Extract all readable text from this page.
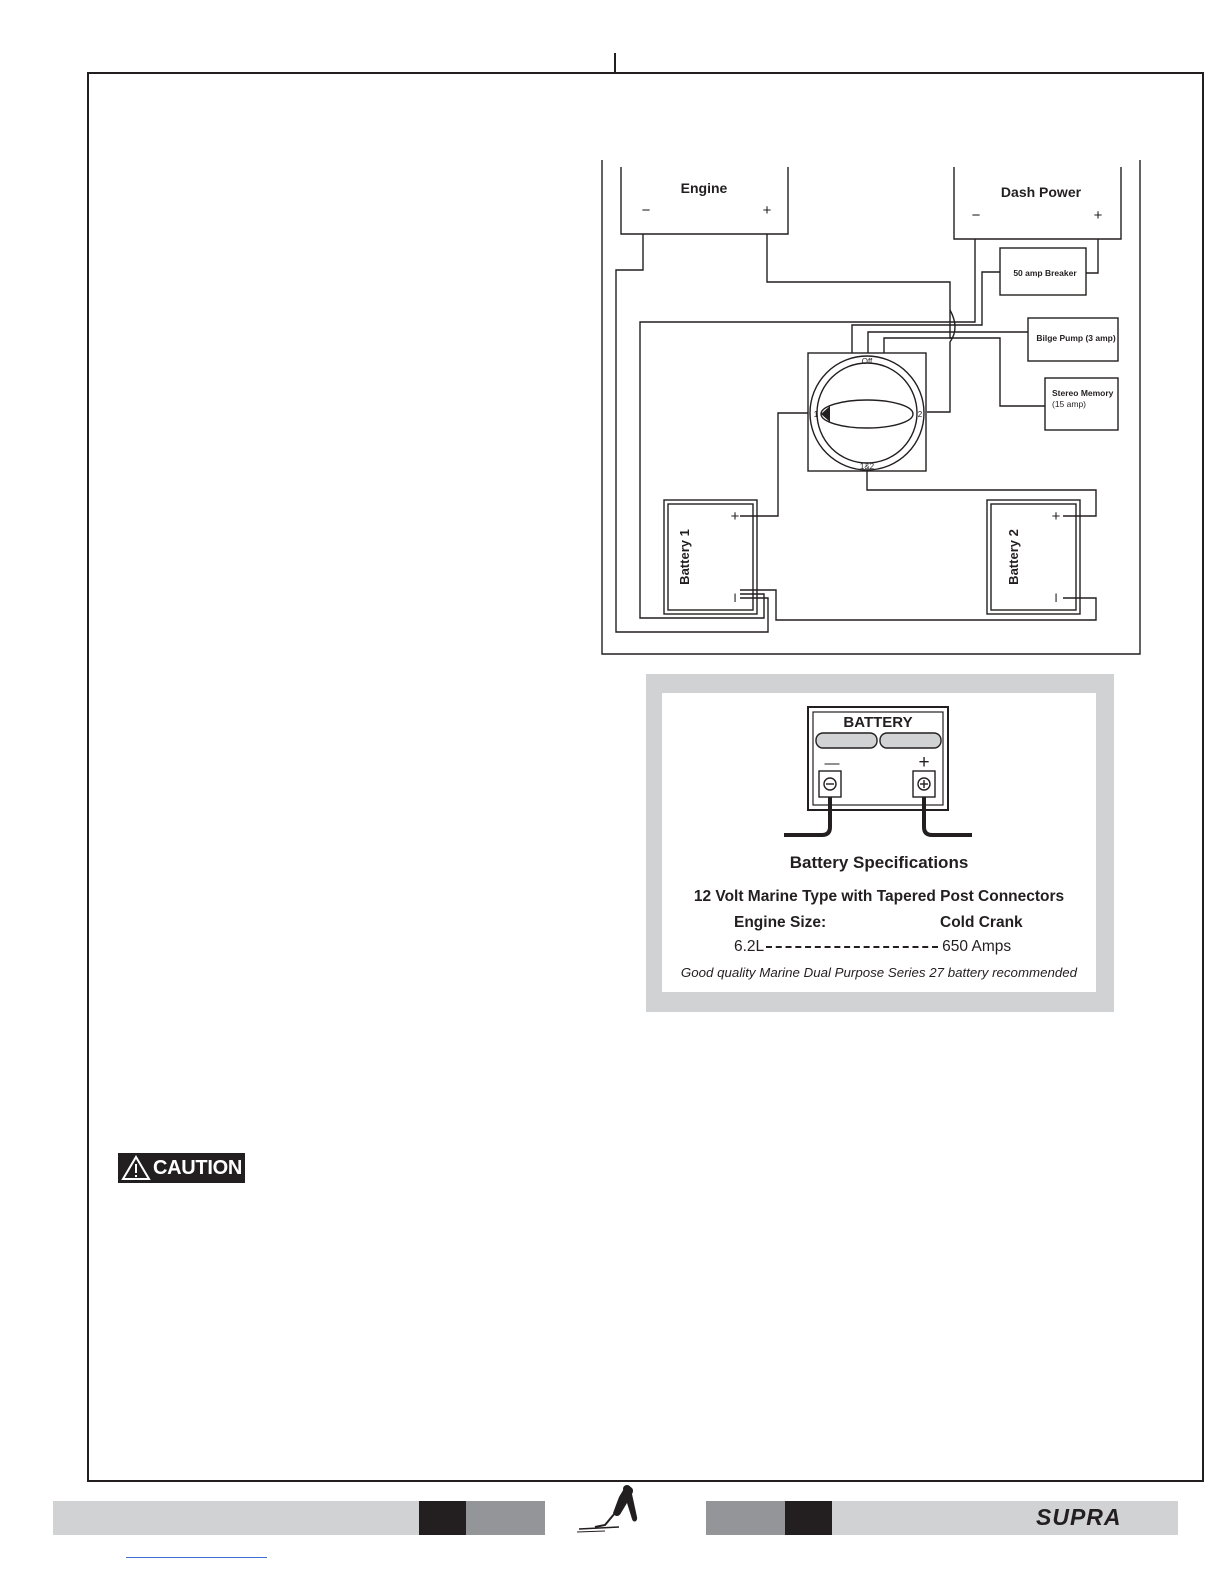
Engine
−	+
Dash Power
−	+
50 amp Breaker
Bilge Pump (3 amp)
Stereo Memory
(15 amp)
Off
1	2
1&2
Battery 1
+
I
Battery 2
+
I
BATTERY
—	+
Battery Specifications
12 Volt Marine Type with Tapered Post Connectors
Engine Size:	Cold Crank
6.2L	650 Amps
Good quality Marine Dual Purpose Series 27 battery recommended
CAUTION
SUPRA
